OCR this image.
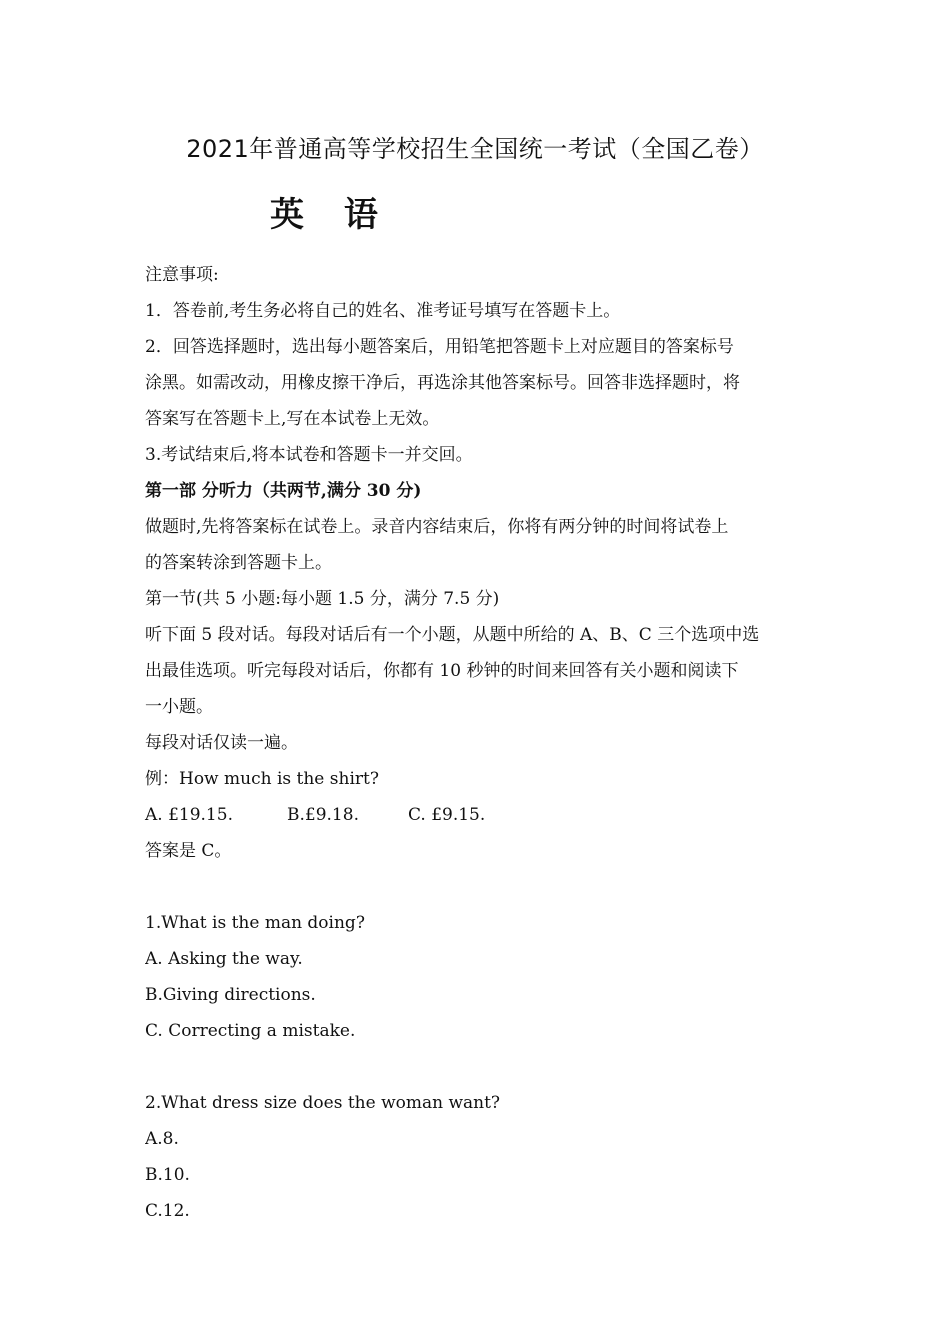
2021年普通高等学校招生全国统一考试（全国乙卷）
英 语
注意事项:
1．答卷前,考生务必将自己的姓名、准考证号填写在答题卡上。
2．回答选择题时，选出每小题答案后，用铅笔把答题卡上对应题目的答案标号
涂黑。如需改动，用橡皮擦干净后，再选涂其他答案标号。回答非选择题时，将
答案写在答题卡上,写在本试卷上无效。
3.考试结束后,将本试卷和答题卡一并交回。
第一部 分听力（共两节,满分 30 分)
做题时,先将答案标在试卷上。录音内容结束后，你将有两分钟的时间将试卷上
的答案转涂到答题卡上。
第一节(共 5 小题:每小题 1.5 分，满分 7.5 分)
听下面 5 段对话。每段对话后有一个小题，从题中所给的 A、B、C 三个选项中选
出最佳选项。听完每段对话后，你都有 10 秒钟的时间来回答有关小题和阅读下
一小题。
每段对话仅读一遍。
例：How much is the shirt?
A. £19.15.	B.£9.18.	C. £9.15.
答案是 C。
1.What is the man doing?
A. Asking the way.
B.Giving directions.
C. Correcting a mistake.
2.What dress size does the woman want?
A.8.
B.10.
C.12.
